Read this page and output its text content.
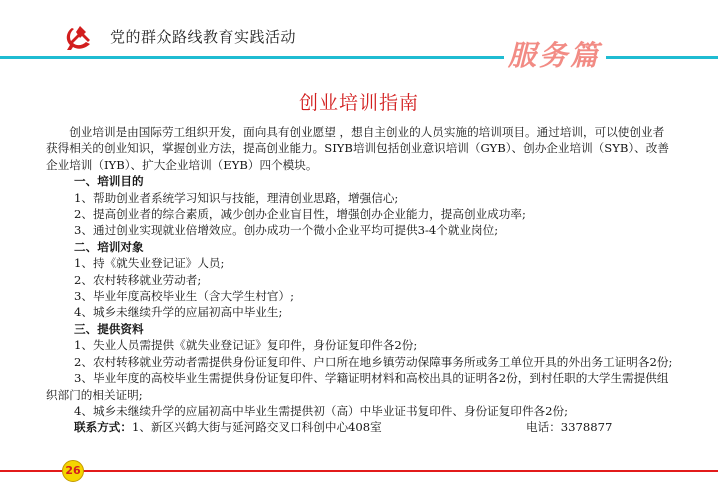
党的群众路线教育实践活动
服务篇
创业培训指南

创业培训是由国际劳工组织开发，面向具有创业愿望 ，想自主创业的人员实施的培训项目。通过培训，可以使创业者获得相关的创业知识，掌握创业方法，提高创业能力。SIYB培训包括创业意识培训（GYB）、创办企业培训（SYB）、改善企业培训（IYB）、扩大企业培训（EYB）四个模块。

一、培训目的

1、帮助创业者系统学习知识与技能，理清创业思路，增强信心;

2、提高创业者的综合素质，减少创办企业盲目性，增强创办企业能力，提高创业成功率;

3、通过创业实现就业倍增效应。创办成功一个微小企业平均可提供3-4个就业岗位;

二、培训对象

1、持《就失业登记证》人员;

2、农村转移就业劳动者;

3、毕业年度高校毕业生（含大学生村官）;

4、城乡未继续升学的应届初高中毕业生;

三、提供资料

1、失业人员需提供《就失业登记证》复印件，身份证复印件各2份;

2、农村转移就业劳动者需提供身份证复印件、户口所在地乡镇劳动保障事务所或务工单位开具的外出务工证明各2份;

3、毕业年度的高校毕业生需提供身份证复印件、学籍证明材料和高校出具的证明各2份，到村任职的大学生需提供组织部门的相关证明;

4、城乡未继续升学的应届初高中毕业生需提供初（高）中毕业证书复印件、身份证复印件各2份;

联系方式：1、新区兴鹤大街与延河路交叉口科创中心408室	电话：3378877

26
